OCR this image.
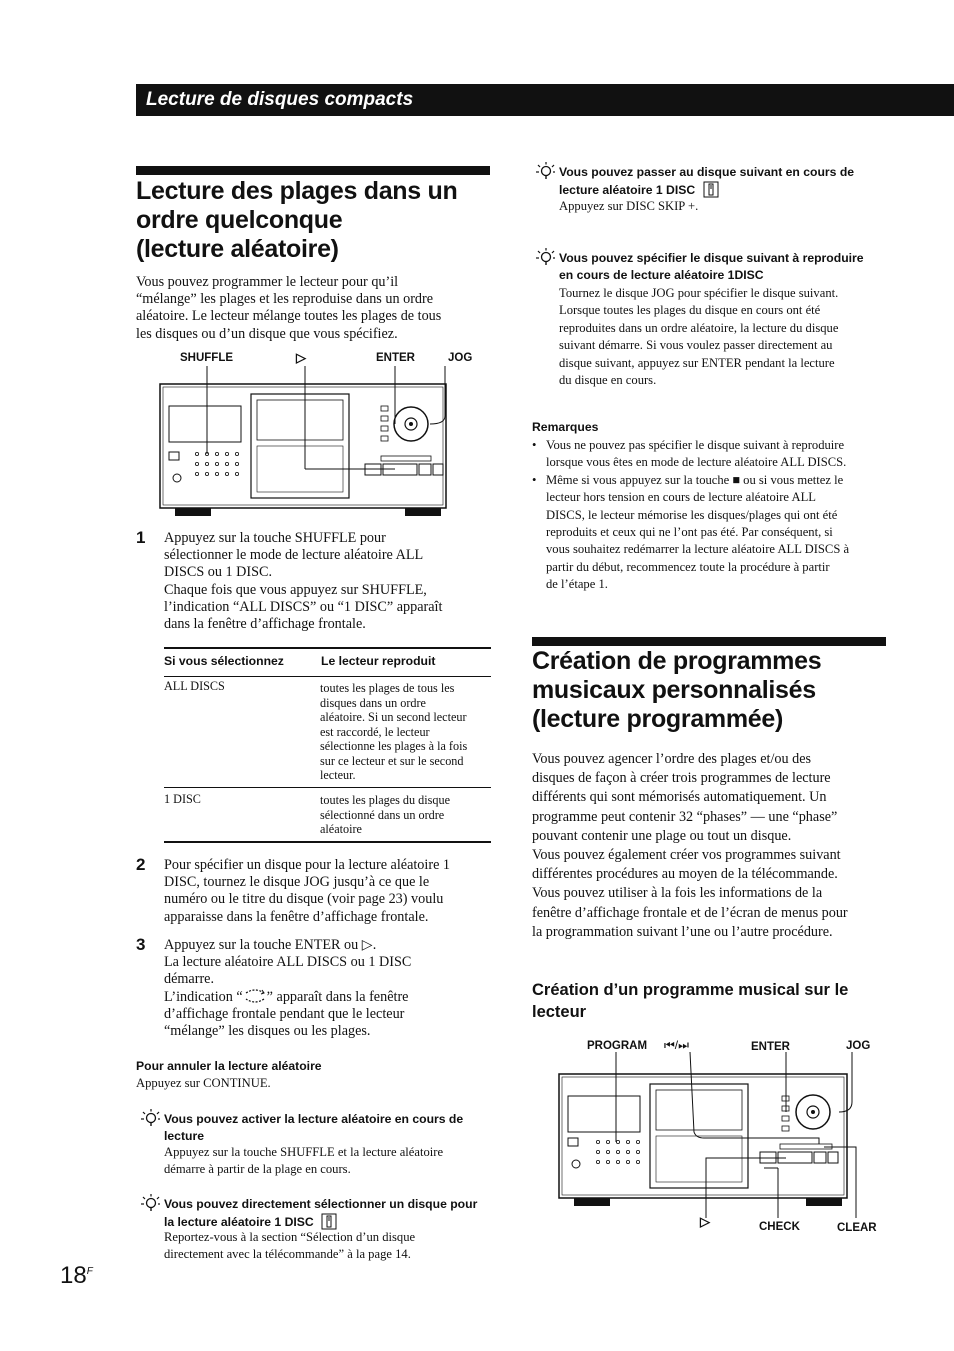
Lecture de disques compacts
Lecture des plages dans un
ordre quelconque
(lecture aléatoire)
Vous pouvez programmer le lecteur pour qu’il
“mélange” les plages et les reproduise dans un ordre
aléatoire. Le lecteur mélange toutes les plages de tous
les disques ou d’un disque que vous spécifiez.
SHUFFLE	▷	ENTER	JOG
1 Appuyez sur la touche SHUFFLE pour
sélectionner le mode de lecture aléatoire ALL
DISCS ou 1 DISC.
Chaque fois que vous appuyez sur SHUFFLE,
l’indication “ALL DISCS” ou “1 DISC” apparaît
dans la fenêtre d’affichage frontale.
Si vous sélectionnez	Le lecteur reproduit
ALL DISCS	toutes les plages de tous les
disques dans un ordre
aléatoire. Si un second lecteur
est raccordé, le lecteur
sélectionne les plages à la fois
sur ce lecteur et sur le second
lecteur.
1 DISC	toutes les plages du disque
sélectionné dans un ordre
aléatoire
2 Pour spécifier un disque pour la lecture aléatoire 1
DISC, tournez le disque JOG jusqu’à ce que le
numéro ou le titre du disque (voir page 23) voulu
apparaisse dans la fenêtre d’affichage frontale.
3 Appuyez sur la touche ENTER ou ▷.
La lecture aléatoire ALL DISCS ou 1 DISC
démarre.
L’indication “ ” apparaît dans la fenêtre
d’affichage frontale pendant que le lecteur
“mélange” les disques ou les plages.
Pour annuler la lecture aléatoire
Appuyez sur CONTINUE.
Vous pouvez activer la lecture aléatoire en cours de
lecture
Appuyez sur la touche SHUFFLE et la lecture aléatoire
démarre à partir de la plage en cours.
Vous pouvez directement sélectionner un disque pour
la lecture aléatoire 1 DISC
Reportez-vous à la section “Sélection d’un disque
directement avec la télécommande” à la page 14.
$18^F$
Vous pouvez passer au disque suivant en cours de
lecture aléatoire 1 DISC
Appuyez sur DISC SKIP +.
Vous pouvez spécifier le disque suivant à reproduire
en cours de lecture aléatoire 1DISC
Tournez le disque JOG pour spécifier le disque suivant.
Lorsque toutes les plages du disque en cours ont été
reproduites dans un ordre aléatoire, la lecture du disque
suivant démarre. Si vous voulez passer directement au
disque suivant, appuyez sur ENTER pendant la lecture
du disque en cours.
Remarques
• Vous ne pouvez pas spécifier le disque suivant à reproduire
lorsque vous êtes en mode de lecture aléatoire ALL DISCS.
• Même si vous appuyez sur la touche ■ ou si vous mettez le
lecteur hors tension en cours de lecture aléatoire ALL
DISCS, le lecteur mémorise les disques/plages qui ont été
reproduits et ceux qui ne l’ont pas été. Par conséquent, si
vous souhaitez redémarrer la lecture aléatoire ALL DISCS à
partir du début, recommencez toute la procédure à partir
de l’étape 1.
Création de programmes
musicaux personnalisés
(lecture programmée)
Vous pouvez agencer l’ordre des plages et/ou des
disques de façon à créer trois programmes de lecture
différents qui sont mémorisés automatiquement. Un
programme peut contenir 32 “phases” — une “phase”
pouvant contenir une plage ou tout un disque.
Vous pouvez également créer vos programmes suivant
différentes procédures au moyen de la télécommande.
Vous pouvez utiliser à la fois les informations de la
fenêtre d’affichage frontale et de l’écran de menus pour
la programmation suivant l’une ou l’autre procédure.
Création d’un programme musical sur le
lecteur
PROGRAM ⏮/⏭	ENTER	JOG
▷	CHECK	CLEAR
